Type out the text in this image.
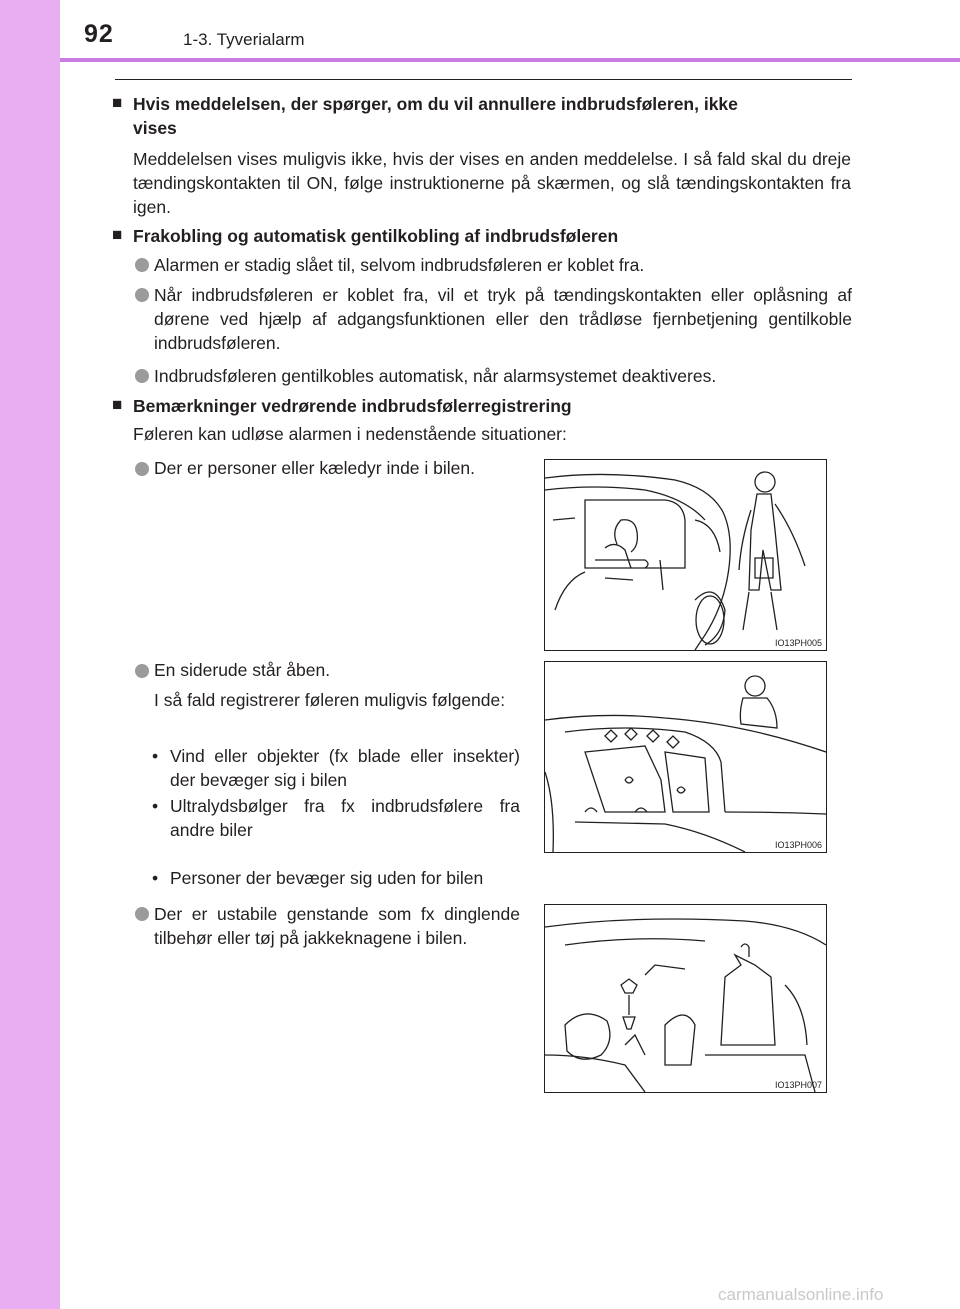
92	1-3. Tyverialarm
■ Hvis meddelelsen, der spørger, om du vil annullere indbrudsføleren, ikke
vises
Meddelelsen vises muligvis ikke, hvis der vises en anden meddelelse. I så fald skal du dreje tændingskontakten til ON, følge instruktionerne på skærmen, og slå tændingskontakten fra igen.
■ Frakobling og automatisk gentilkobling af indbrudsføleren
Alarmen er stadig slået til, selvom indbrudsføleren er koblet fra.
Når indbrudsføleren er koblet fra, vil et tryk på tændingskontakten eller oplåsning af dørene ved hjælp af adgangsfunktionen eller den trådløse fjernbetjening gentilkoble indbrudsføleren.
Indbrudsføleren gentilkobles automatisk, når alarmsystemet deaktiveres.
■ Bemærkninger vedrørende indbrudsfølerregistrering
Føleren kan udløse alarmen i nedenstående situationer:
Der er personer eller kæledyr inde i bilen.
IO13PH005
En siderude står åben.
I så fald registrerer føleren muligvis følgende:
• Vind eller objekter (fx blade eller insekter) der bevæger sig i bilen
• Ultralydsbølger fra fx indbrudsfølere fra andre biler
• Personer der bevæger sig uden for bilen
IO13PH006
Der er ustabile genstande som fx dinglende tilbehør eller tøj på jakkeknagene i bilen.
IO13PH007
carmanualsonline.info
